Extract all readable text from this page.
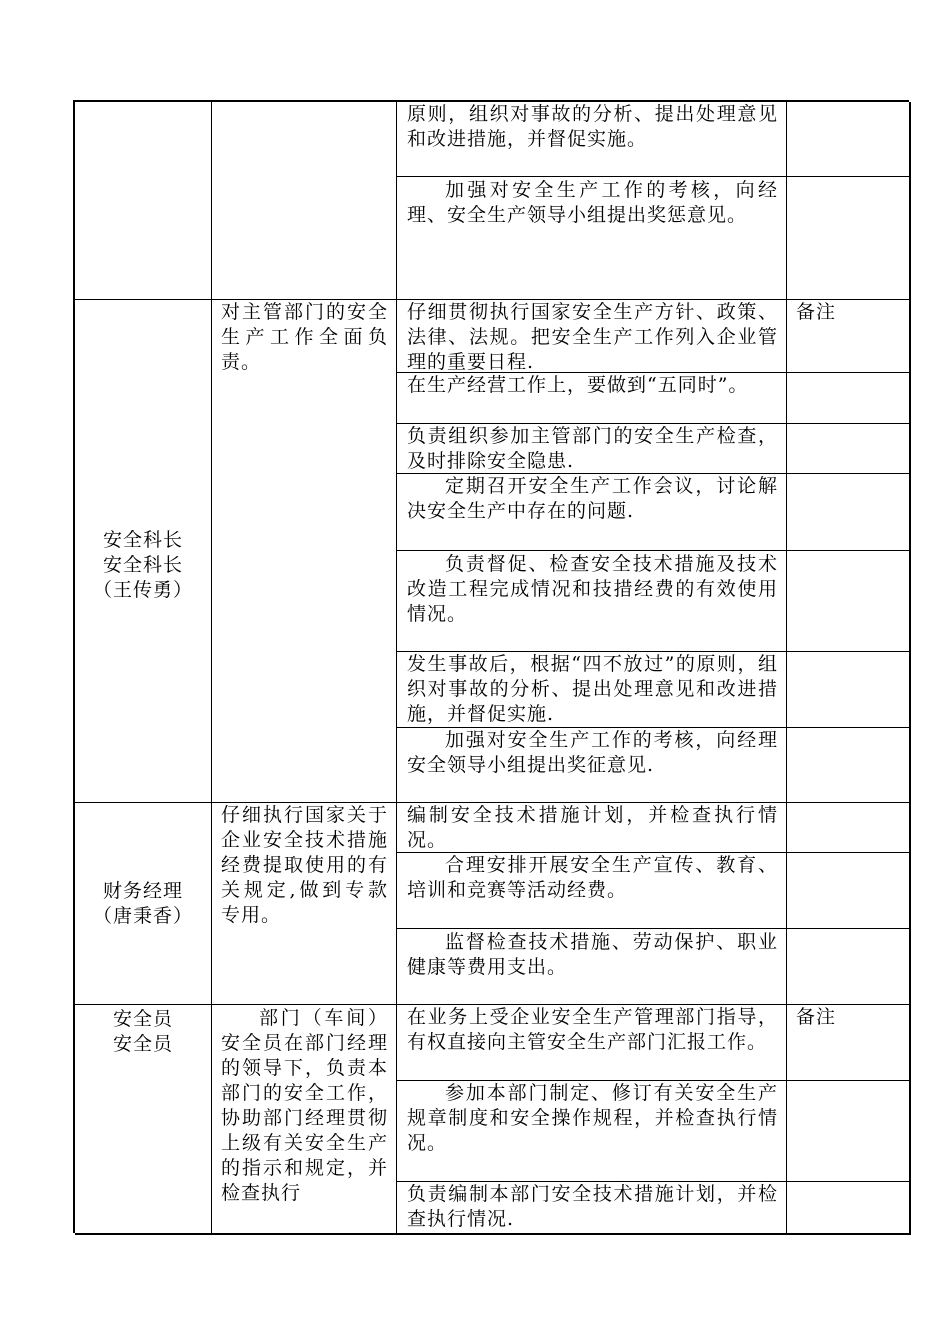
原则，组织对事故的分析、提出处理意见和改进措施，并督促实施。
加强对安全生产工作的考核，向经理、安全生产领导小组提出奖惩意见。
安全科长
安全科长
（王传勇）
对主管部门的安全生产工作全面负责。
仔细贯彻执行国家安全生产方针、政策、法律、法规。把安全生产工作列入企业管理的重要日程.
备注
在生产经营工作上，要做到“五同时”。
负责组织参加主管部门的安全生产检查，及时排除安全隐患.
定期召开安全生产工作会议，讨论解决安全生产中存在的问题.
负责督促、检查安全技术措施及技术改造工程完成情况和技措经费的有效使用情况。
发生事故后，根据“四不放过”的原则，组织对事故的分析、提出处理意见和改进措施，并督促实施.
加强对安全生产工作的考核，向经理安全领导小组提出奖征意见.
财务经理
（唐秉香）
仔细执行国家关于企业安全技术措施经费提取使用的有关规定,做到专款专用。
编制安全技术措施计划，并检查执行情况。
合理安排开展安全生产宣传、教育、培训和竞赛等活动经费。
监督检查技术措施、劳动保护、职业健康等费用支出。
安全员
安全员
部门（车间）安全员在部门经理的领导下，负责本部门的安全工作，协助部门经理贯彻上级有关安全生产的指示和规定，并检查执行
在业务上受企业安全生产管理部门指导，有权直接向主管安全生产部门汇报工作。
备注
参加本部门制定、修订有关安全生产规章制度和安全操作规程，并检查执行情况。
负责编制本部门安全技术措施计划，并检查执行情况.
